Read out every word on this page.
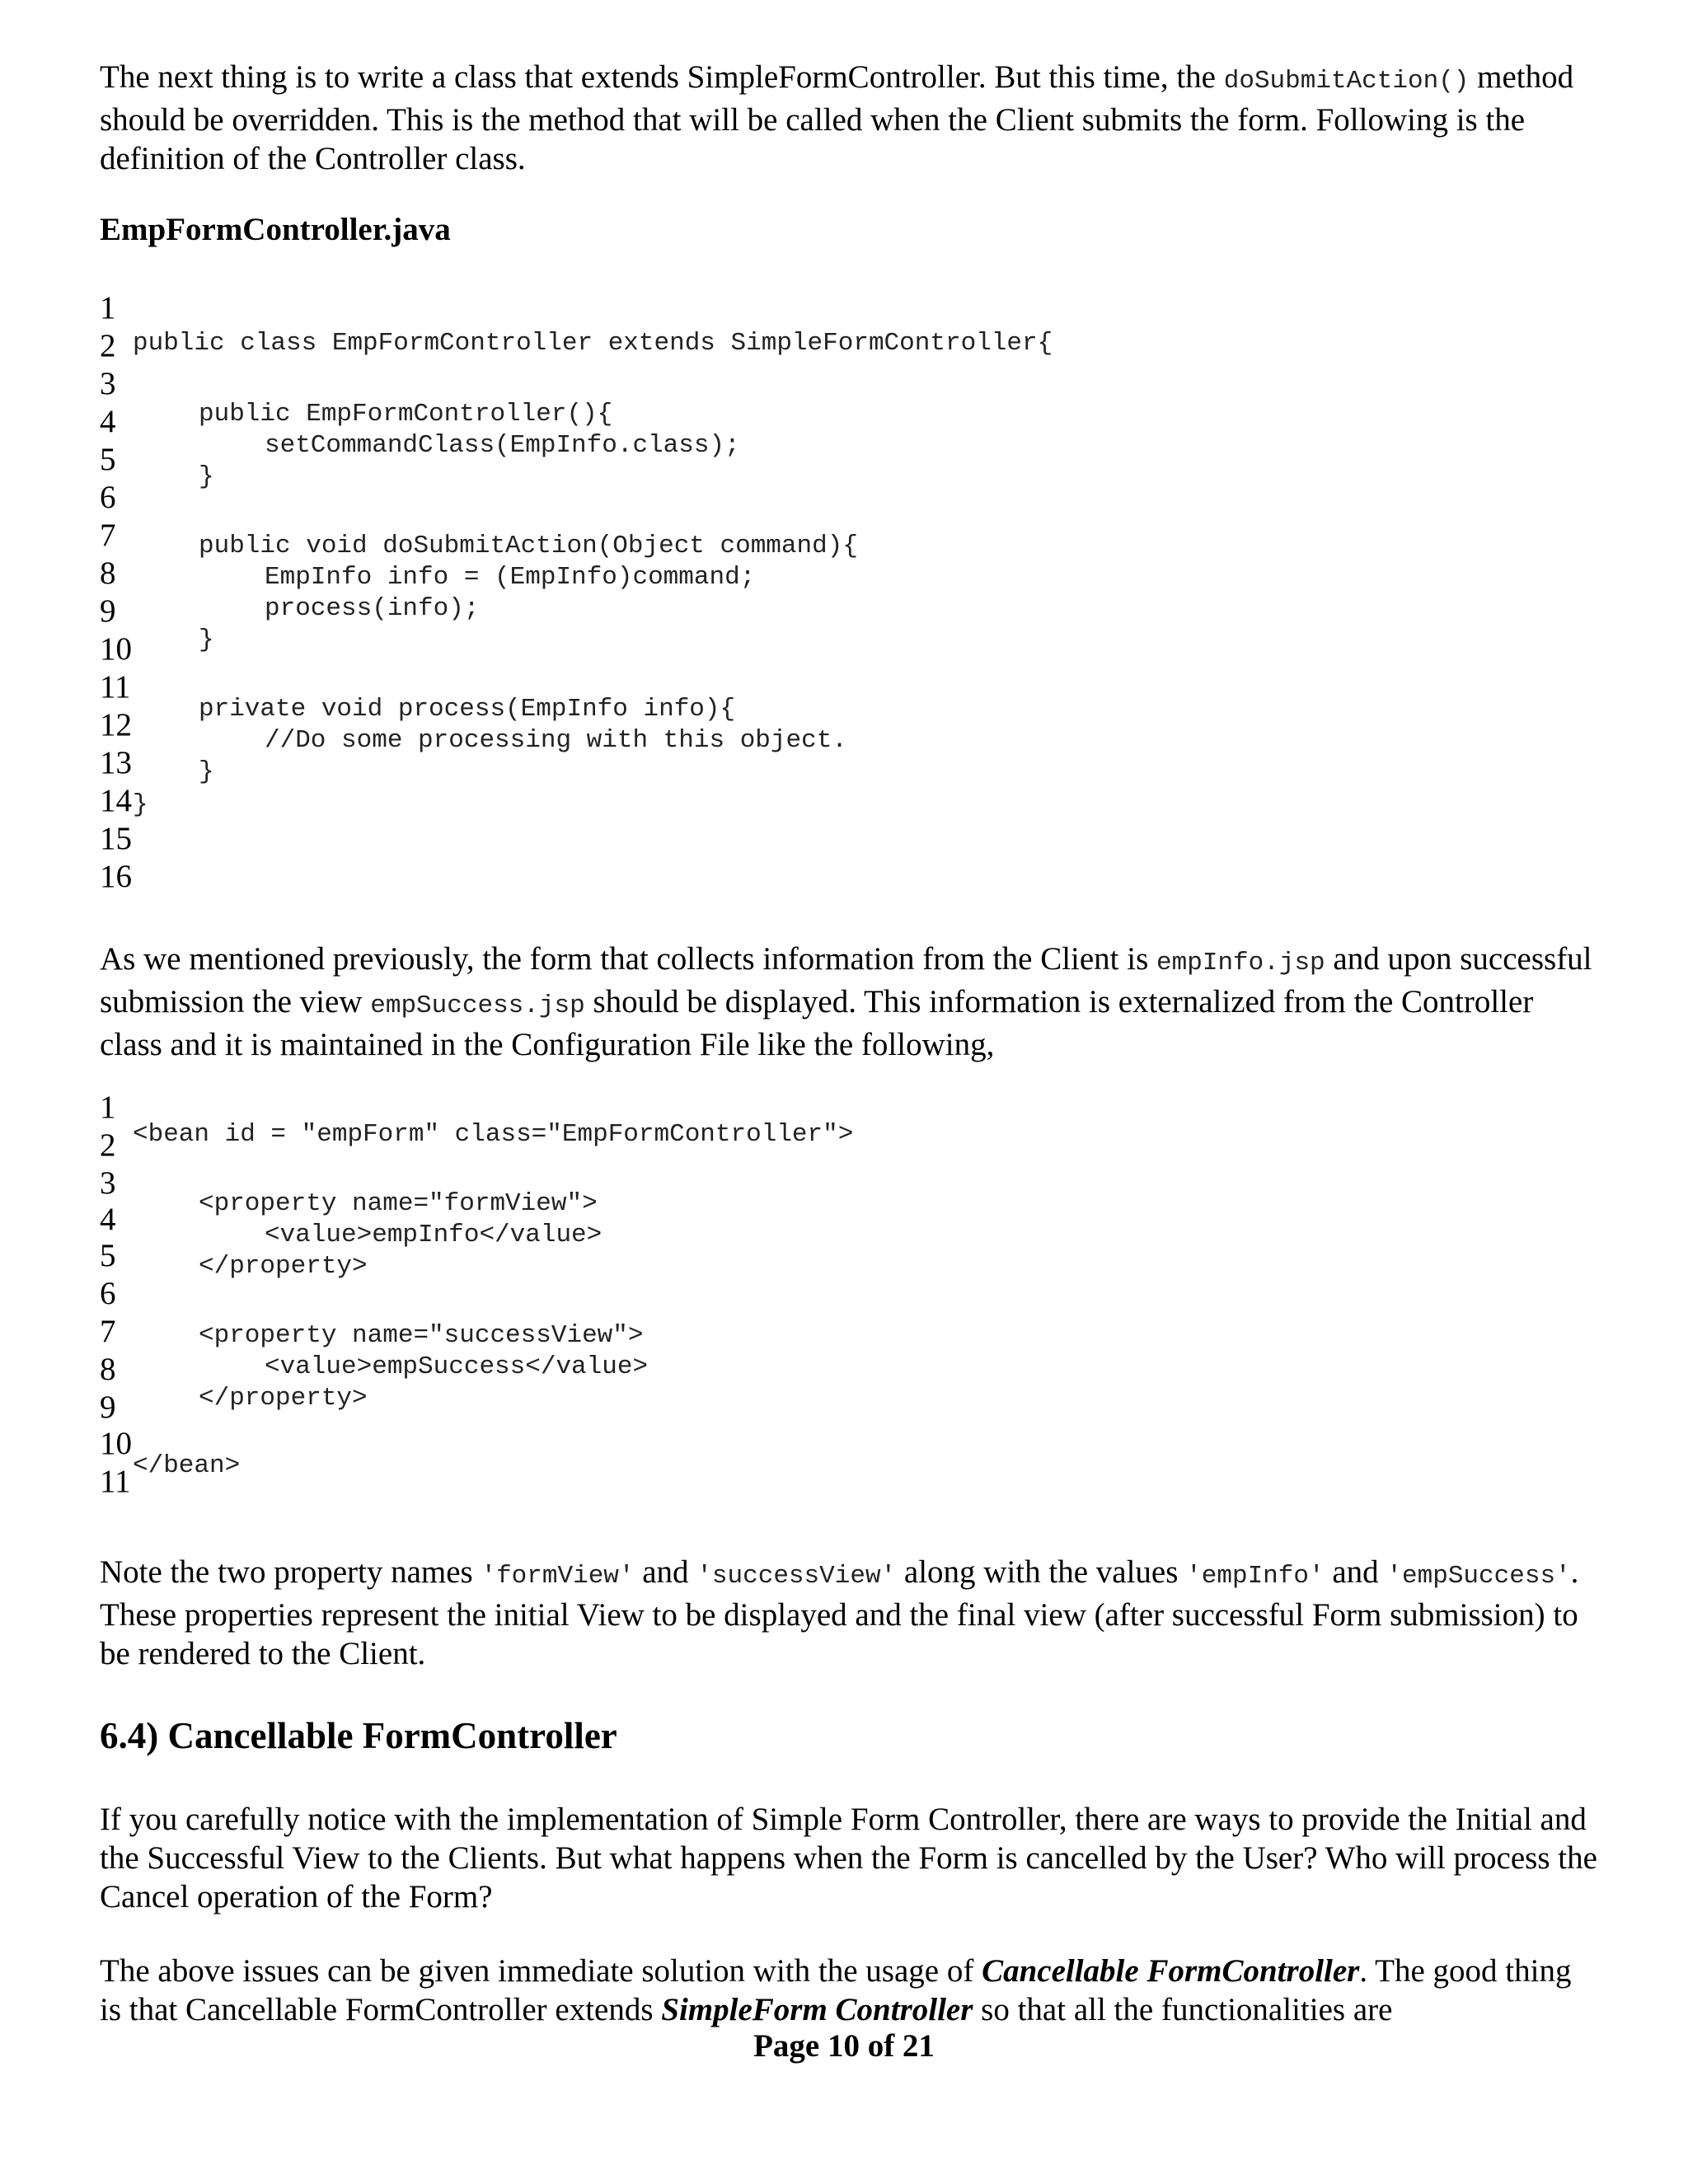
The next thing is to write a class that extends SimpleFormController. But this time, the doSubmitAction() method should be overridden. This is the method that will be called when the Client submits the form. Following is the definition of the Controller class.

EmpFormController.java

1
2
3
4
5
6
7
8
9
10
11
12
13
14
15
16
public class EmpFormController extends SimpleFormController{
public EmpFormController(){
setCommandClass(EmpInfo.class);
}
public void doSubmitAction(Object command){
EmpInfo info = (EmpInfo)command;
process(info);
}
private void process(EmpInfo info){
//Do some processing with this object.
}
}

As we mentioned previously, the form that collects information from the Client is empInfo.jsp and upon successful submission the view empSuccess.jsp should be displayed. This information is externalized from the Controller class and it is maintained in the Configuration File like the following,

1
2
3
4
5
6
7
8
9
10
11
<bean id = "empForm" class="EmpFormController">
<property name="formView">
<value>empInfo</value>
</property>
<property name="successView">
<value>empSuccess</value>
</property>
</bean>

Note the two property names 'formView' and 'successView' along with the values 'empInfo' and 'empSuccess'. These properties represent the initial View to be displayed and the final view (after successful Form submission) to be rendered to the Client.

6.4) Cancellable FormController

If you carefully notice with the implementation of Simple Form Controller, there are ways to provide the Initial and the Successful View to the Clients. But what happens when the Form is cancelled by the User? Who will process the Cancel operation of the Form?

The above issues can be given immediate solution with the usage of Cancellable FormController. The good thing is that Cancellable FormController extends SimpleForm Controller so that all the functionalities are

Page 10 of 21
